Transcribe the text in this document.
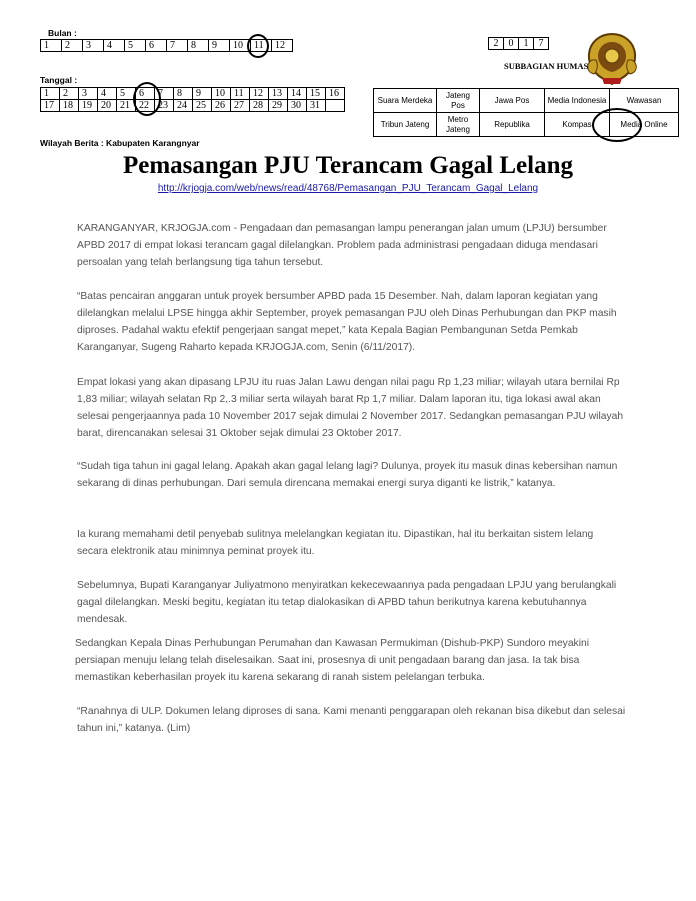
Bulan :
1	2	3	4	5	6	7	8	9	10	11	12
Tanggal :
1	2	3	4	5	6	7	8	9	10	11	12	13	14	15	16
17	18	19	20	21	22	23	24	25	26	27	28	29	30	31	
2	0	1	7
SUBBAGIAN HUMAS
Suara Merdeka	Jateng Pos	Jawa Pos	Media Indonesia	Wawasan
Tribun Jateng	Metro Jateng	Republika	Kompas	Media Online
Wilayah Berita : Kabupaten Karangnyar
Pemasangan PJU Terancam Gagal Lelang
http://krjogja.com/web/news/read/48768/Pemasangan_PJU_Terancam_Gagal_Lelang

KARANGANYAR, KRJOGJA.com - Pengadaan dan pemasangan lampu penerangan jalan umum (LPJU) bersumber APBD 2017 di empat lokasi terancam gagal dilelangkan. Problem pada administrasi pengadaan diduga mendasari persoalan yang telah berlangsung tiga tahun tersebut.

“Batas pencairan anggaran untuk proyek bersumber APBD pada 15 Desember. Nah, dalam laporan kegiatan yang dilelangkan melalui LPSE hingga akhir September, proyek pemasangan PJU oleh Dinas Perhubungan dan PKP masih diproses. Padahal waktu efektif pengerjaan sangat mepet,” kata Kepala Bagian Pembangunan Setda Pemkab Karanganyar, Sugeng Raharto kepada KRJOGJA.com, Senin (6/11/2017).

Empat lokasi yang akan dipasang LPJU itu ruas Jalan Lawu dengan nilai pagu Rp 1,23 miliar; wilayah utara bernilai Rp 1,83 miliar; wilayah selatan Rp 2,.3 miliar serta wilayah barat Rp 1,7 miliar. Dalam laporan itu, tiga lokasi awal akan selesai pengerjaannya pada 10 November 2017 sejak dimulai 2 November 2017. Sedangkan pemasangan PJU wilayah barat, direncanakan selesai 31 Oktober sejak dimulai 23 Oktober 2017.

“Sudah tiga tahun ini gagal lelang. Apakah akan gagal lelang lagi? Dulunya, proyek itu masuk dinas kebersihan namun sekarang di dinas perhubungan. Dari semula direncana memakai energi surya diganti ke listrik,” katanya.

Ia kurang memahami detil penyebab sulitnya melelangkan kegiatan itu. Dipastikan, hal itu berkaitan sistem lelang secara elektronik atau minimnya peminat proyek itu.

Sebelumnya, Bupati Karanganyar Juliyatmono menyiratkan kekecewaannya pada pengadaan LPJU yang berulangkali gagal dilelangkan. Meski begitu, kegiatan itu tetap dialokasikan di APBD tahun berikutnya karena kebutuhannya mendesak.

Sedangkan Kepala Dinas Perhubungan Perumahan dan Kawasan Permukiman (Dishub-PKP) Sundoro meyakini persiapan menuju lelang telah diselesaikan. Saat ini, prosesnya di unit pengadaan barang dan jasa. Ia tak bisa memastikan keberhasilan proyek itu karena sekarang di ranah sistem pelelangan terbuka.

“Ranahnya di ULP. Dokumen lelang diproses di sana. Kami menanti penggarapan oleh rekanan bisa dikebut dan selesai tahun ini,” katanya. (Lim)
